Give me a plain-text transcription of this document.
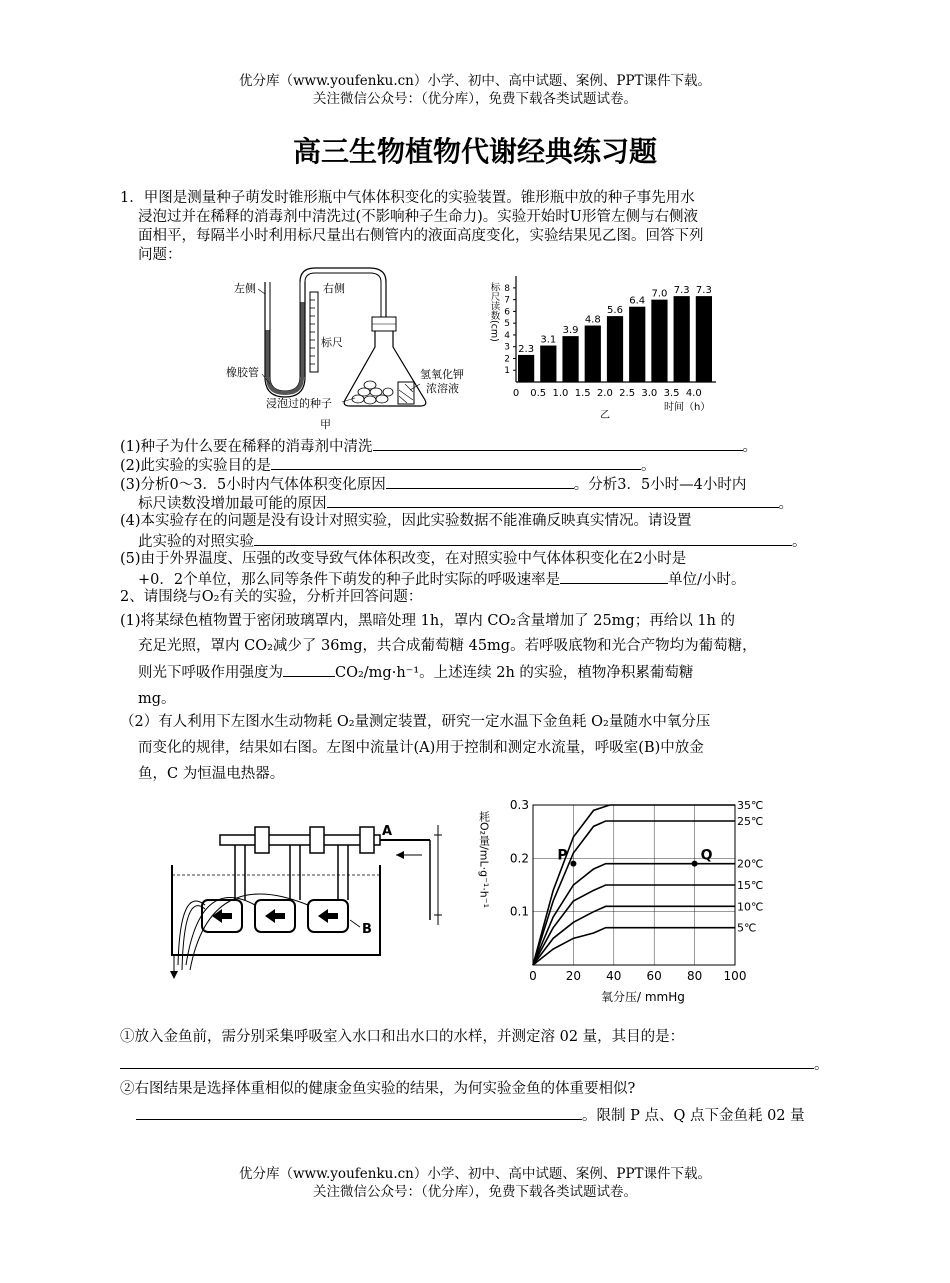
优分库（www.youfenku.cn）小学、初中、高中试题、案例、PPT课件下载。
关注微信公众号：（优分库），免费下载各类试题试卷。
高三生物植物代谢经典练习题
1．甲图是测量种子萌发时锥形瓶中气体体积变化的实验装置。锥形瓶中放的种子事先用水
浸泡过并在稀释的消毒剂中清洗过(不影响种子生命力)。实验开始时U形管左侧与右侧液
面相平，每隔半小时利用标尺量出右侧管内的液面高度变化，实验结果见乙图。回答下列
问题：
左侧	右侧
标尺
橡胶管	氢氧化钾
浓溶液
浸泡过的种子
甲
1
2
3
4
5
6
7
8
2.3
0
3.1
0.5
3.9
1.0
4.8
1.5
5.6
2.0
6.4
2.5
7.0
3.0
7.3
3.5
7.3
4.0
标尺读数(cm)
时间（h）
乙
(1)种子为什么要在稀释的消毒剂中清洗	。
(2)此实验的实验目的是	。
(3)分析0～3．5小时内气体体积变化原因	。分析3．5小时—4小时内
标尺读数没增加最可能的原因	。
(4)本实验存在的问题是没有设计对照实验，因此实验数据不能准确反映真实情况。请设置
此实验的对照实验	。
(5)由于外界温度、压强的改变导致气体体积改变，在对照实验中气体体积变化在2小时是
+0．2个单位，那么同等条件下萌发的种子此时实际的呼吸速率是	单位/小时。
2、请围绕与O₂有关的实验，分析并回答问题：
(1)将某绿色植物置于密闭玻璃罩内，黑暗处理 1h，罩内 CO₂含量增加了 25mg；再给以 1h 的
充足光照，罩内 CO₂减少了 36mg，共合成葡萄糖 45mg。若呼吸底物和光合产物均为葡萄糖，
则光下呼吸作用强度为	CO₂/mg·h⁻¹。上述连续 2h 的实验，植物净积累葡萄糖
mg。
（2）有人利用下左图水生动物耗 O₂量测定装置，研究一定水温下金鱼耗 O₂量随水中氧分压
而变化的规律，结果如右图。左图中流量计(A)用于控制和测定水流量，呼吸室(B)中放金
鱼，C 为恒温电热器。
A
B
0 20 40 60 80 100
0.1
0.2
0.3	35℃
25℃
20℃
15℃
10℃
5℃
P	Q
氧分压/ mmHg
耗O₂量/mL·g⁻¹·h⁻¹
①放入金鱼前，需分别采集呼吸室入水口和出水口的水样，并测定溶 02 量，其目的是：
。
②右图结果是选择体重相似的健康金鱼实验的结果，为何实验金鱼的体重要相似?
。限制 P 点、Q 点下金鱼耗 02 量
优分库（www.youfenku.cn）小学、初中、高中试题、案例、PPT课件下载。
关注微信公众号：（优分库），免费下载各类试题试卷。
